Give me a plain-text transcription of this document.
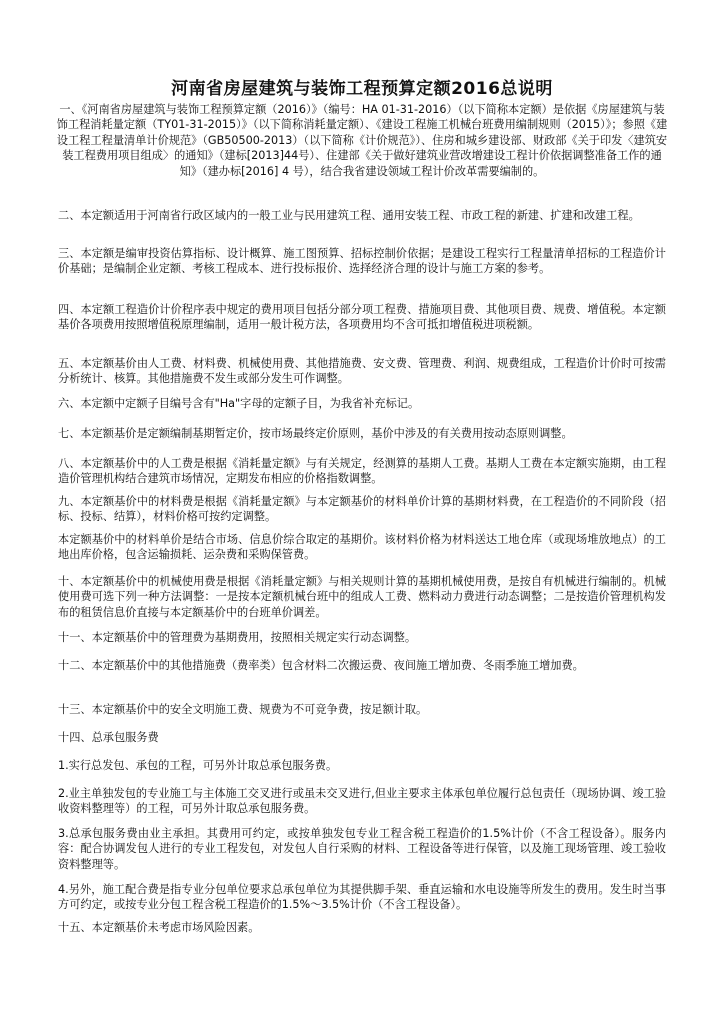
河南省房屋建筑与装饰工程预算定额2016总说明
一、《河南省房屋建筑与装饰工程预算定额（2016）》（编号：HA 01-31-2016）（以下简称本定额）是依据《房屋建筑与装饰工程消耗量定额（TY01-31-2015）》（以下简称消耗量定额）、《建设工程施工机械台班费用编制规则（2015）》；参照《建设工程工程量清单计价规范》（GB50500-2013）（以下简称《计价规范》）、住房和城乡建设部、财政部《关于印发〈建筑安装工程费用项目组成〉的通知》（建标[2013]44号）、住建部《关于做好建筑业营改增建设工程计价依据调整准备工作的通知》（建办标[2016] 4 号），结合我省建设领域工程计价改革需要编制的。
二、本定额适用于河南省行政区域内的一般工业与民用建筑工程、通用安装工程、市政工程的新建、扩建和改建工程。
三、本定额是编审投资估算指标、设计概算、施工图预算、招标控制价依据；是建设工程实行工程量清单招标的工程造价计价基础；是编制企业定额、考核工程成本、进行投标报价、选择经济合理的设计与施工方案的参考。
四、本定额工程造价计价程序表中规定的费用项目包括分部分项工程费、措施项目费、其他项目费、规费、增值税。本定额基价各项费用按照增值税原理编制，适用一般计税方法，各项费用均不含可抵扣增值税进项税额。
五、本定额基价由人工费、材料费、机械使用费、其他措施费、安文费、管理费、利润、规费组成，工程造价计价时可按需分析统计、核算。其他措施费不发生或部分发生可作调整。
六、本定额中定额子目编号含有"Ha"字母的定额子目，为我省补充标记。
七、本定额基价是定额编制基期暂定价，按市场最终定价原则，基价中涉及的有关费用按动态原则调整。
八、本定额基价中的人工费是根据《消耗量定额》与有关规定，经测算的基期人工费。基期人工费在本定额实施期，由工程造价管理机构结合建筑市场情况，定期发布相应的价格指数调整。
九、本定额基价中的材料费是根据《消耗量定额》与本定额基价的材料单价计算的基期材料费，在工程造价的不同阶段（招标、投标、结算），材料价格可按约定调整。
本定额基价中的材料单价是结合市场、信息价综合取定的基期价。该材料价格为材料送达工地仓库（或现场堆放地点）的工地出库价格，包含运输损耗、运杂费和采购保管费。
十、本定额基价中的机械使用费是根据《消耗量定额》与相关规则计算的基期机械使用费，是按自有机械进行编制的。机械使用费可选下列一种方法调整：一是按本定额机械台班中的组成人工费、燃料动力费进行动态调整；二是按造价管理机构发布的租赁信息价直接与本定额基价中的台班单价调差。
十一、本定额基价中的管理费为基期费用，按照相关规定实行动态调整。
十二、本定额基价中的其他措施费（费率类）包含材料二次搬运费、夜间施工增加费、冬雨季施工增加费。
十三、本定额基价中的安全文明施工费、规费为不可竞争费，按足额计取。
十四、总承包服务费
1.实行总发包、承包的工程，可另外计取总承包服务费。
2.业主单独发包的专业施工与主体施工交叉进行或虽未交叉进行,但业主要求主体承包单位履行总包责任（现场协调、竣工验收资料整理等）的工程，可另外计取总承包服务费。
3.总承包服务费由业主承担。其费用可约定，或按单独发包专业工程含税工程造价的1.5%计价（不含工程设备）。服务内容：配合协调发包人进行的专业工程发包，对发包人自行采购的材料、工程设备等进行保管，以及施工现场管理、竣工验收资料整理等。
4.另外，施工配合费是指专业分包单位要求总承包单位为其提供脚手架、垂直运输和水电设施等所发生的费用。发生时当事方可约定，或按专业分包工程含税工程造价的1.5%～3.5%计价（不含工程设备）。
十五、本定额基价未考虑市场风险因素。
